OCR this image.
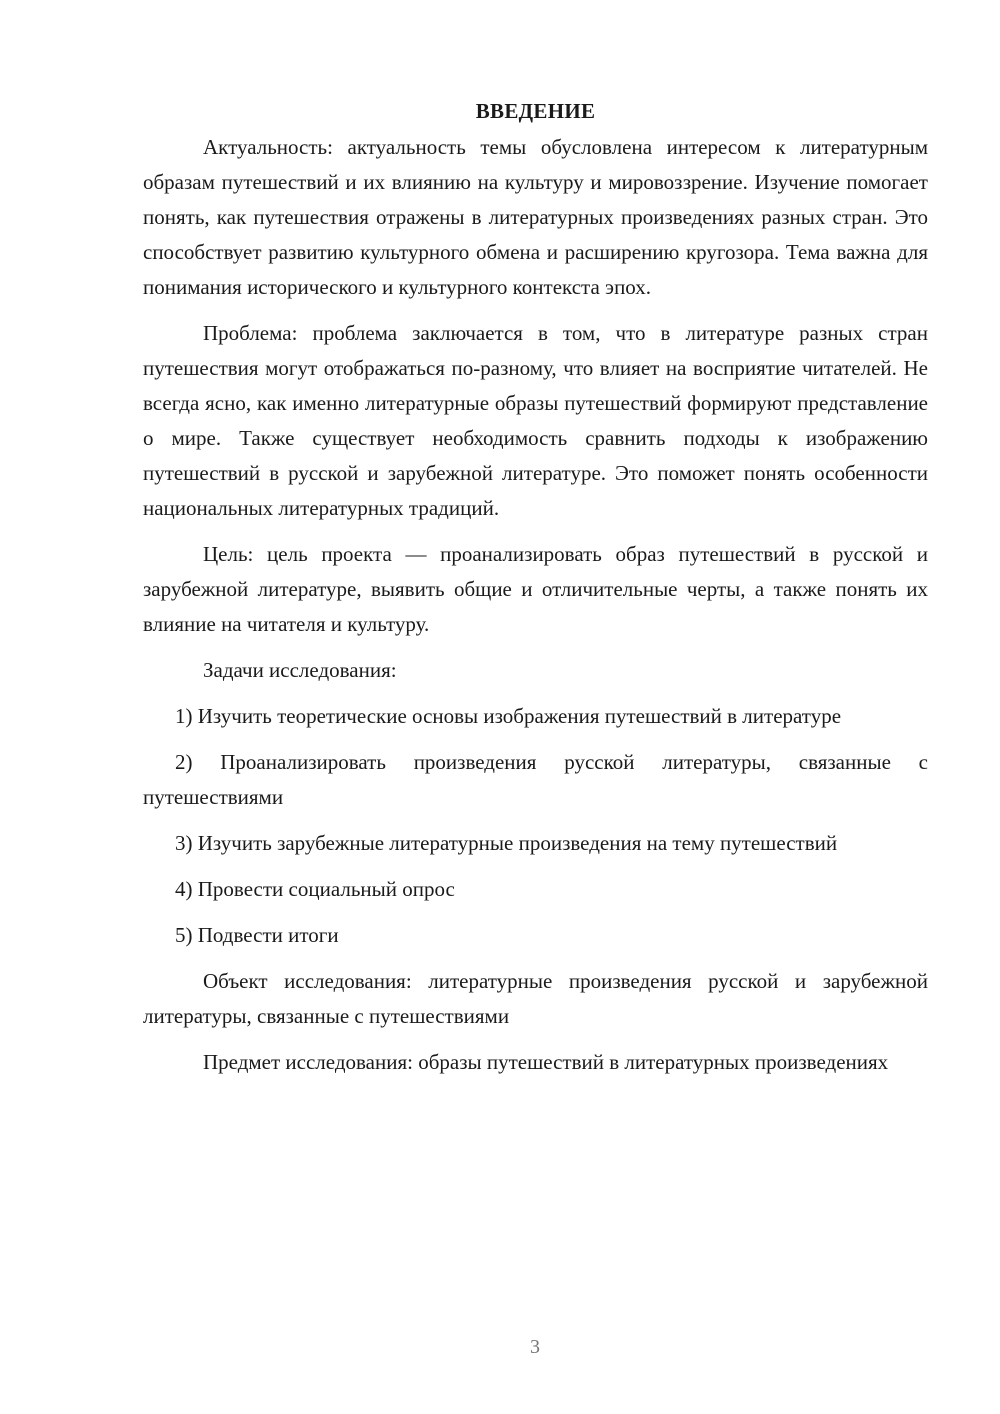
ВВЕДЕНИЕ

Актуальность: актуальность темы обусловлена интересом к литературным образам путешествий и их влиянию на культуру и мировоззрение. Изучение помогает понять, как путешествия отражены в литературных произведениях разных стран. Это способствует развитию культурного обмена и расширению кругозора. Тема важна для понимания исторического и культурного контекста эпох.

Проблема: проблема заключается в том, что в литературе разных стран путешествия могут отображаться по-разному, что влияет на восприятие читателей. Не всегда ясно, как именно литературные образы путешествий формируют представление о мире. Также существует необходимость сравнить подходы к изображению путешествий в русской и зарубежной литературе. Это поможет понять особенности национальных литературных традиций.

Цель: цель проекта — проанализировать образ путешествий в русской и зарубежной литературе, выявить общие и отличительные черты, а также понять их влияние на читателя и культуру.

Задачи исследования:

1) Изучить теоретические основы изображения путешествий в литературе

2) Проанализировать произведения русской литературы, связанные с путешествиями

3) Изучить зарубежные литературные произведения на тему путешествий

4) Провести социальный опрос

5) Подвести итоги

Объект исследования: литературные произведения русской и зарубежной литературы, связанные с путешествиями

Предмет исследования: образы путешествий в литературных произведениях

3
